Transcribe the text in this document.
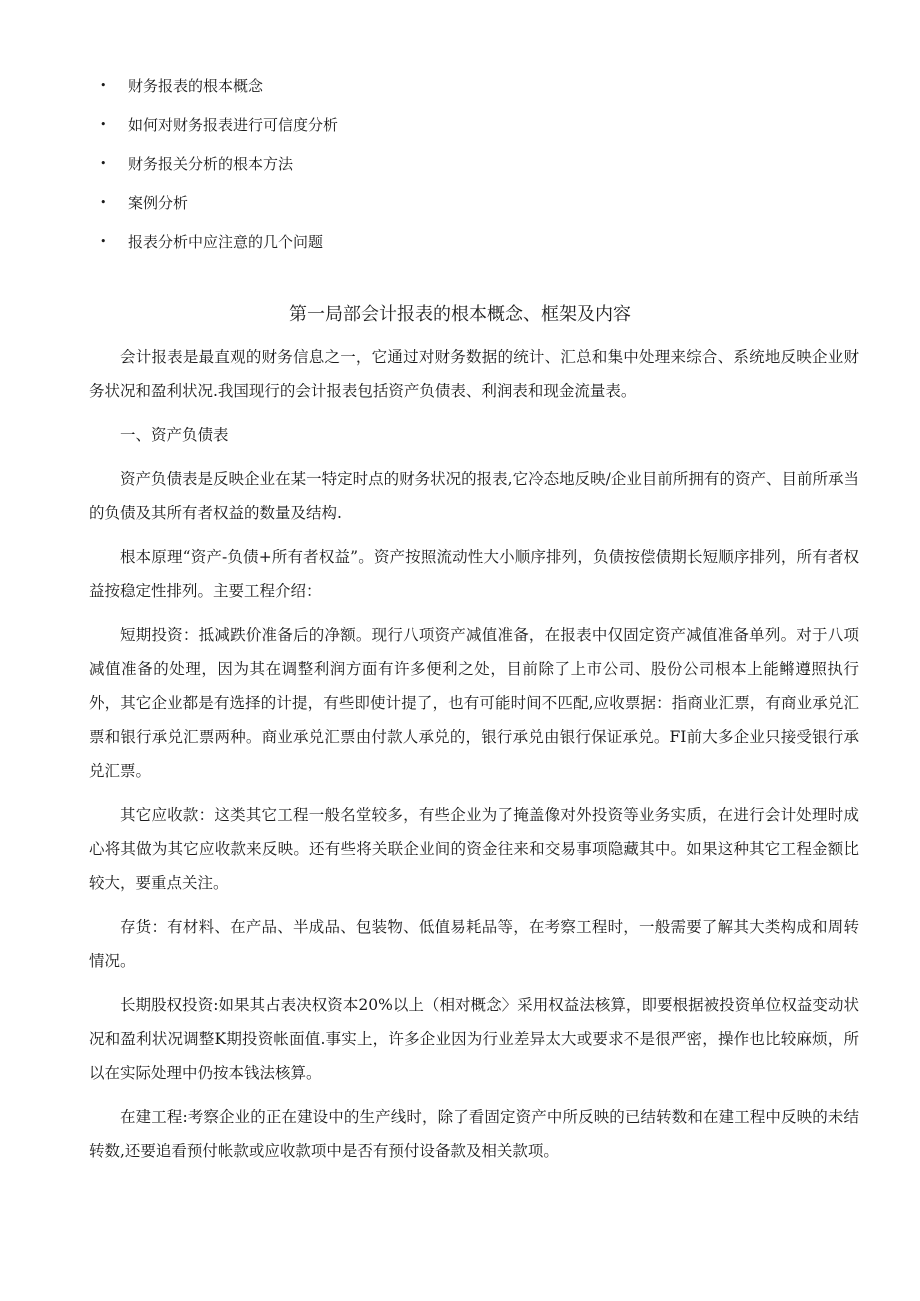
•	财务报表的根本概念
•	如何对财务报表进行可信度分析
•	财务报关分析的根本方法
•	案例分析
•	报表分析中应注意的几个问题
第一局部会计报表的根本概念、框架及内容

会计报表是最直观的财务信息之一，它通过对财务数据的统计、汇总和集中处理来综合、系统地反映企业财务状况和盈利状况.我国现行的会计报表包括资产负债表、利润表和现金流量表。

一、资产负债表

资产负债表是反映企业在某一特定时点的财务状况的报表,它冷态地反映/企业目前所拥有的资产、目前所承当的负债及其所有者权益的数量及结构.

根本原理“资产-负债+所有者权益”。资产按照流动性大小顺序排列，负债按偿债期长短顺序排列，所有者权益按稳定性排列。主要工程介绍：

短期投资：抵减跌价准备后的净额。现行八项资产减值准备，在报表中仅固定资产减值准备单列。对于八项减值准备的处理，因为其在调整利润方面有许多便利之处，目前除了上市公司、股份公司根本上能鳉遵照执行外，其它企业都是有选择的计提，有些即使计提了，也有可能时间不匹配,应收票据：指商业汇票，有商业承兑汇票和银行承兑汇票两种。商业承兑汇票由付款人承兑的，银行承兑由银行保证承兑。FI前大多企业只接受银行承兑汇票。

其它应收款：这类其它工程一般名堂较多，有些企业为了掩盖像对外投资等业务实质，在进行会计处理时成心将其做为其它应收款来反映。还有些将关联企业间的资金往来和交易事项隐藏其中。如果这种其它工程金额比较大，要重点关注。

存货：有材料、在产品、半成品、包装物、低值易耗品等，在考察工程时，一般需要了解其大类构成和周转情况。

长期股权投资:如果其占表决权资本20%以上（相对概念〉采用权益法核算，即要根据被投资单位权益变动状况和盈利状况调整K期投资帐面值.事实上，许多企业因为行业差异太大或要求不是很严密，操作也比较麻烦，所以在实际处理中仍按本钱法核算。

在建工程:考察企业的正在建设中的生产线时，除了看固定资产中所反映的已结转数和在建工程中反映的未结转数,还要追看预付帐款或应收款项中是否有预付设备款及相关款项。
